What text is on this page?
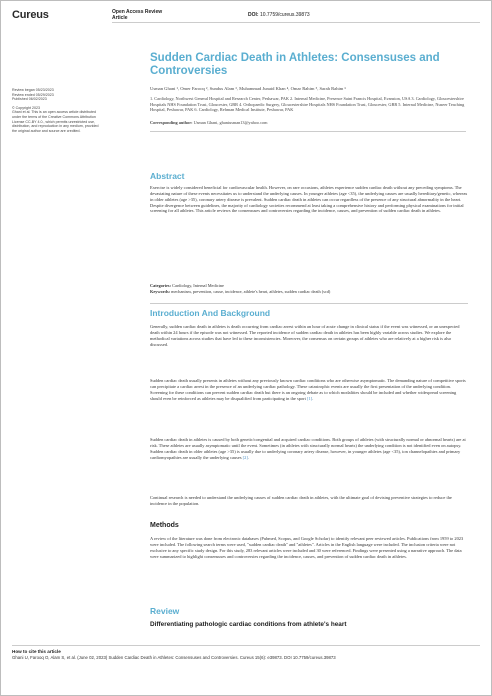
Cureus	Open Access Review
Article	DOI: 10.7759/cureus.39873
Review began 05/23/2023
Review ended 05/29/2023
Published 06/02/2023
© Copyright 2023
Ghani et al. This is an open access article distributed under the terms of the Creative Commons Attribution License CC-BY 4.0., which permits unrestricted use, distribution, and reproduction in any medium, provided the original author and source are credited.
Sudden Cardiac Death in Athletes: Consensuses and Controversies
Usman Ghani ¹, Omer Farooq ², Sundus Alam ³, Muhammad Junaid Khan ⁴, Omar Rahim ⁵, Sarah Rahim ⁶
1. Cardiology, Northwest General Hospital and Research Center, Peshawar, PAK 2. Internal Medicine, Presence Saint Francis Hospital, Evanston, USA 3. Cardiology, Gloucestershire Hospitals NHS Foundation Trust, Gloucester, GBR 4. Orthopaedic Surgery, Gloucestershire Hospitals NHS Foundation Trust, Gloucester, GBR 5. Internal Medicine, Nuseer Teaching Hospital, Peshawar, PAK 6. Cardiology, Rehman Medical Institute, Peshawar, PAK
Corresponding author: Usman Ghani, ghaniusman13@yahoo.com
Abstract

Exercise is widely considered beneficial for cardiovascular health. However, on rare occasions, athletes experience sudden cardiac death without any preceding symptoms. The devastating nature of these events necessitates us to understand the underlying causes. In younger athletes (age <35), the underlying causes are usually hereditary/genetic, whereas in older athletes (age >35), coronary artery disease is prevalent. Sudden cardiac death in athletes can occur regardless of the presence of any structural abnormality in the heart. Despite divergence between guidelines, the majority of cardiology societies recommend at least taking a comprehensive history and performing physical examinations for initial screening for all athletes. This article reviews the consensuses and controversies regarding the incidence, causes, and prevention of sudden cardiac death in athletes.

Categories: Cardiology, Internal Medicine
Keywords: mechanism, prevention, cause, incidence, athlete's heart, athletes, sudden cardiac death (scd)
Introduction And Background

Generally, sudden cardiac death in athletes is death occurring from cardiac arrest within an hour of acute change in clinical status if the event was witnessed, or an unexpected death within 24 hours if the episode was not witnessed. The reported incidence of sudden cardiac death in athletes has been highly variable across studies. We explore the methodical variations across studies that have led to these inconsistencies. Moreover, the consensus on certain groups of athletes who are relatively at a higher risk is also discussed.

Sudden cardiac death usually presents in athletes without any previously known cardiac conditions who are otherwise asymptomatic. The demanding nature of competitive sports can precipitate a cardiac arrest in the presence of an underlying cardiac pathology. These catastrophic events are usually the first presentation of the underlying condition. Screening for these conditions can prevent sudden cardiac death but there is an ongoing debate as to which modalities should be included and whether widespread screening should even be reinforced as athletes may be disqualified from participating in the sport [1].

Sudden cardiac death in athletes is caused by both genetic/congenital and acquired cardiac conditions. Both groups of athletes (with structurally normal or abnormal hearts) are at risk. These athletes are usually asymptomatic until the event. Sometimes (in athletes with structurally normal hearts) the underlying condition is not identified even on autopsy. Sudden cardiac death in older athletes (age >35) is usually due to underlying coronary artery disease, however, in younger athletes (age <35), ion channelopathies and primary cardiomyopathies are usually the underlying causes [2].

Continual research is needed to understand the underlying causes of sudden cardiac death in athletes, with the ultimate goal of devising preventive strategies to reduce the incidence in the population.

Methods

A review of the literature was done from electronic databases (Pubmed, Scopus, and Google Scholar) to identify relevant peer reviewed articles. Publications from 1959 to 2023 were included. The following search terms were used, "sudden cardiac death" and "athletes". Articles in the English language were included. The inclusion criteria were not exclusive to any specific study design. For this study, 283 relevant articles were included and 30 were referenced. Findings were presented using a narrative approach. The data were summarized to highlight consensuses and controversies regarding the incidence, causes, and prevention of sudden cardiac death in athletes.

Review
Differentiating pathologic cardiac conditions from athlete's heart
How to cite this article
Ghani U, Farooq O, Alam S, et al. (June 02, 2023) Sudden Cardiac Death in Athletes: Consensuses and Controversies. Cureus 15(6): e39873. DOI 10.7759/cureus.39873
